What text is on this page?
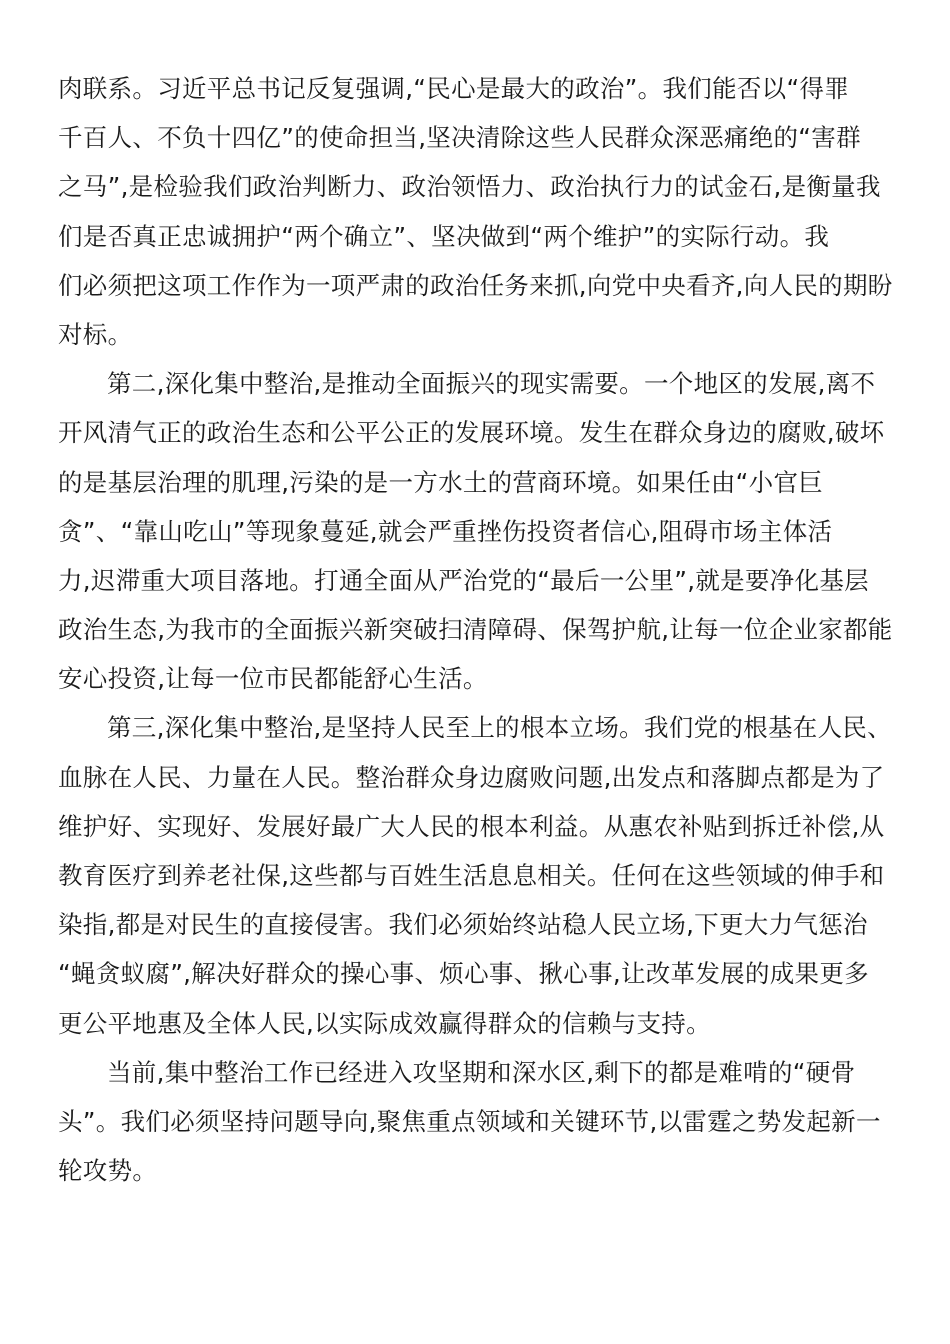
肉联系。习近平总书记反复强调,“民心是最大的政治”。我们能否以“得罪
千百人、不负十四亿”的使命担当,坚决清除这些人民群众深恶痛绝的“害群
之马”,是检验我们政治判断力、政治领悟力、政治执行力的试金石,是衡量我
们是否真正忠诚拥护“两个确立”、坚决做到“两个维护”的实际行动。我
们必须把这项工作作为一项严肃的政治任务来抓,向党中央看齐,向人民的期盼
对标。
第二,深化集中整治,是推动全面振兴的现实需要。一个地区的发展,离不
开风清气正的政治生态和公平公正的发展环境。发生在群众身边的腐败,破坏
的是基层治理的肌理,污染的是一方水土的营商环境。如果任由“小官巨
贪”、“靠山吃山”等现象蔓延,就会严重挫伤投资者信心,阻碍市场主体活
力,迟滞重大项目落地。打通全面从严治党的“最后一公里”,就是要净化基层
政治生态,为我市的全面振兴新突破扫清障碍、保驾护航,让每一位企业家都能
安心投资,让每一位市民都能舒心生活。
第三,深化集中整治,是坚持人民至上的根本立场。我们党的根基在人民、
血脉在人民、力量在人民。整治群众身边腐败问题,出发点和落脚点都是为了
维护好、实现好、发展好最广大人民的根本利益。从惠农补贴到拆迁补偿,从
教育医疗到养老社保,这些都与百姓生活息息相关。任何在这些领域的伸手和
染指,都是对民生的直接侵害。我们必须始终站稳人民立场,下更大力气惩治
“蝇贪蚁腐”,解决好群众的操心事、烦心事、揪心事,让改革发展的成果更多
更公平地惠及全体人民,以实际成效赢得群众的信赖与支持。
当前,集中整治工作已经进入攻坚期和深水区,剩下的都是难啃的“硬骨
头”。我们必须坚持问题导向,聚焦重点领域和关键环节,以雷霆之势发起新一
轮攻势。
